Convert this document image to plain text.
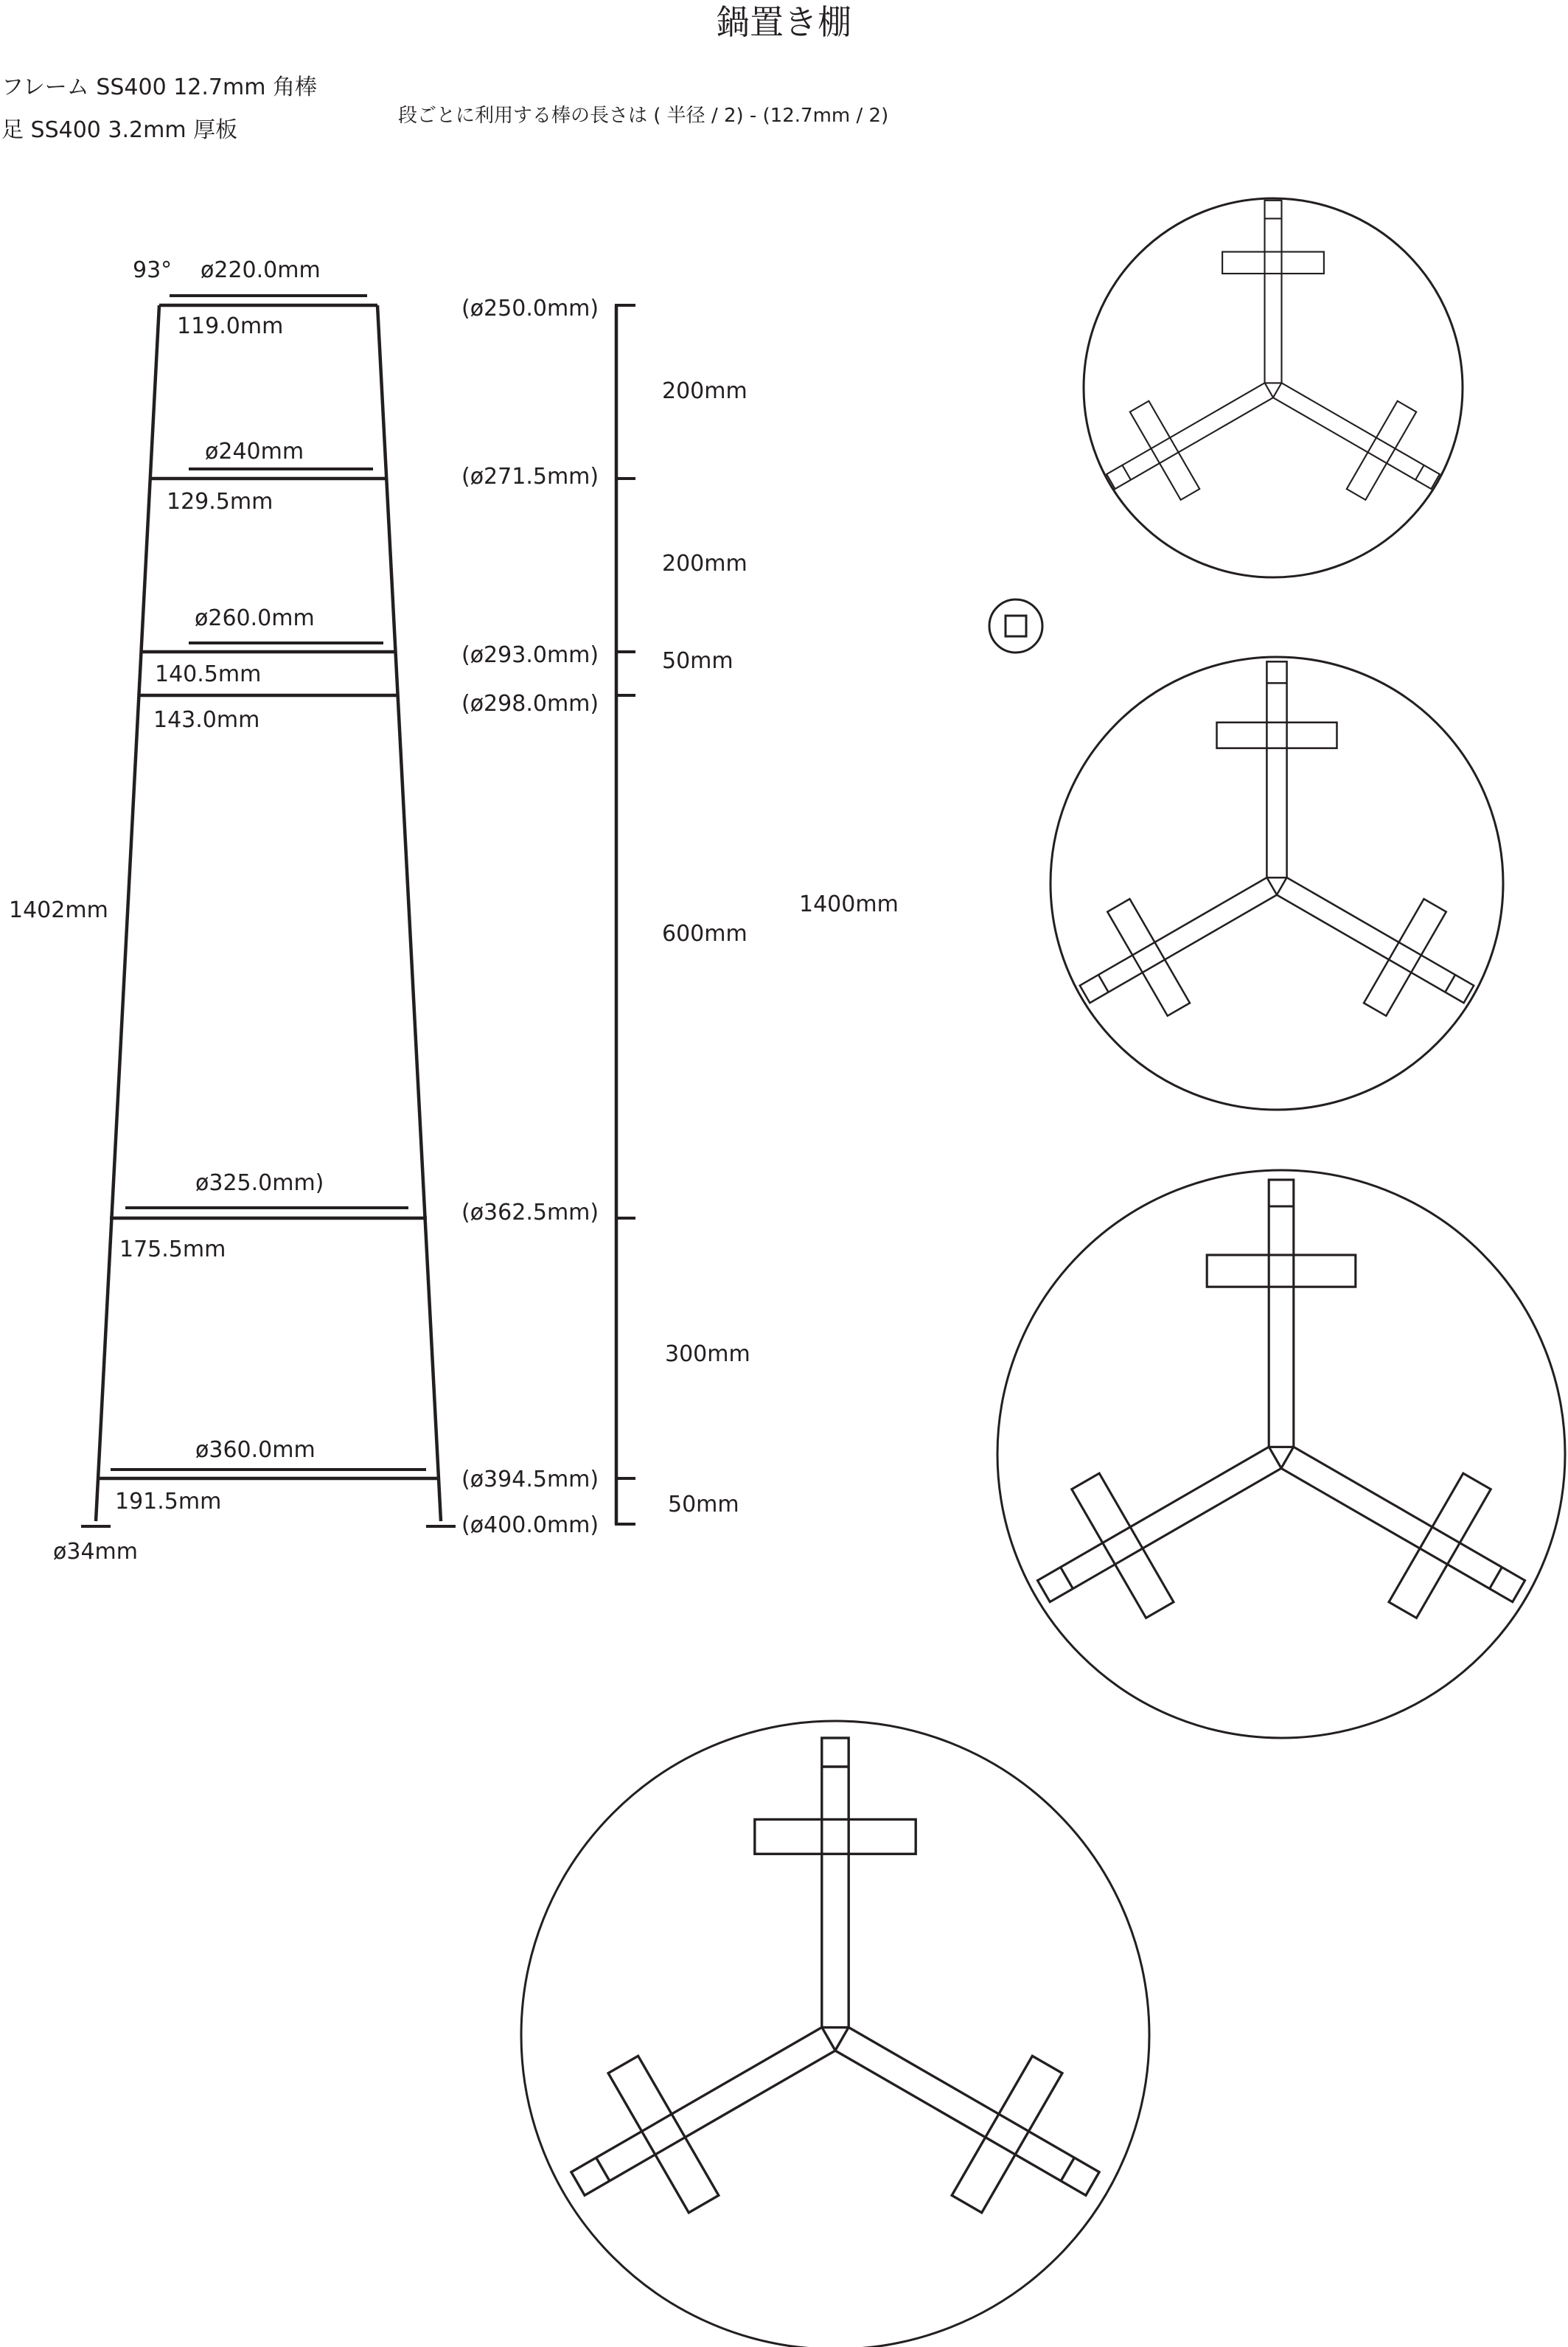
鍋置き棚
フレーム SS400 12.7mm 角棒
足 SS400 3.2mm 厚板
段ごとに利用する棒の長さは ( 半径 / 2) - (12.7mm / 2)
93° ø220.0mm
119.0mm
ø240mm
129.5mm
ø260.0mm
140.5mm
143.0mm
1402mm
ø325.0mm)
175.5mm
ø360.0mm
191.5mm
ø34mm
(ø250.0mm)
(ø271.5mm)
(ø293.0mm)
(ø298.0mm)
(ø362.5mm)
(ø394.5mm)
(ø400.0mm)
200mm
200mm
50mm
600mm
300mm
50mm
1400mm
